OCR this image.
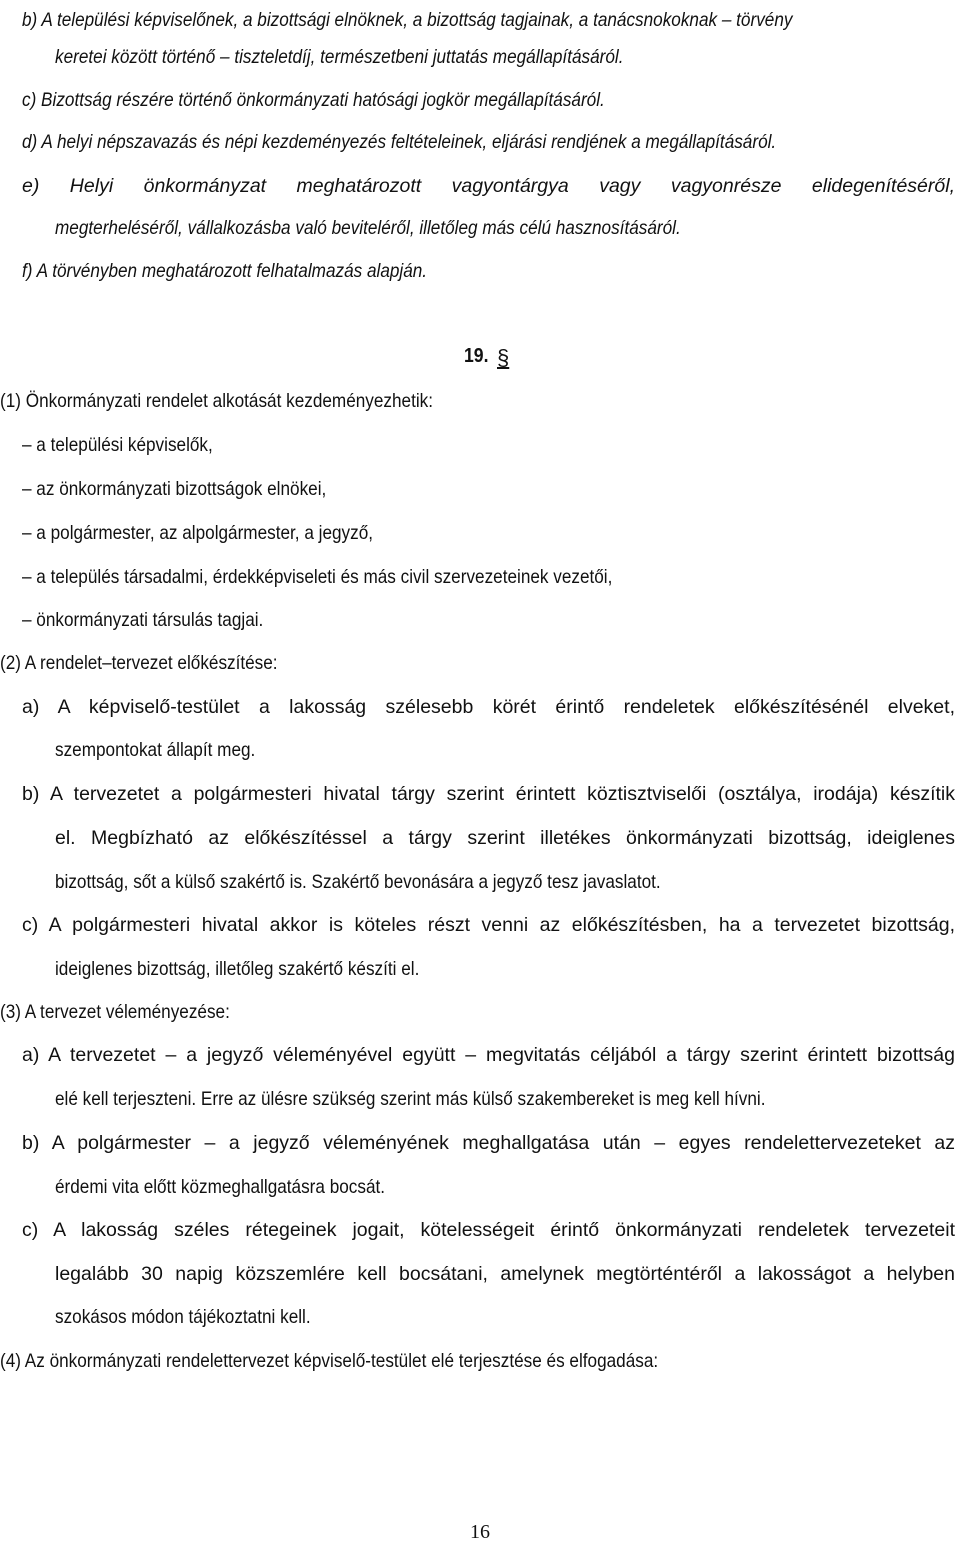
b) A települési képviselőnek, a bizottsági elnöknek, a bizottság tagjainak, a tanácsnokoknak – törvény
keretei között történő – tiszteletdíj, természetbeni juttatás megállapításáról.
c) Bizottság részére történő önkormányzati hatósági jogkör megállapításáról.
d) A helyi népszavazás és népi kezdeményezés feltételeinek, eljárási rendjének a megállapításáról.
e) Helyi önkormányzat meghatározott vagyontárgya vagy vagyonrésze elidegenítéséről,
megterheléséről, vállalkozásba való beviteléről, illetőleg más célú hasznosításáról.
f) A törvényben meghatározott felhatalmazás alapján.
19. §
(1) Önkormányzati rendelet alkotását kezdeményezhetik:
– a települési képviselők,
– az önkormányzati bizottságok elnökei,
– a polgármester, az alpolgármester, a jegyző,
– a település társadalmi, érdekképviseleti és más civil szervezeteinek vezetői,
– önkormányzati társulás tagjai.
(2) A rendelet–tervezet előkészítése:
a) A képviselő-testület a lakosság szélesebb körét érintő rendeletek előkészítésénél elveket,
szempontokat állapít meg.
b) A tervezetet a polgármesteri hivatal tárgy szerint érintett köztisztviselői (osztálya, irodája) készítik
el. Megbízható az előkészítéssel a tárgy szerint illetékes önkormányzati bizottság, ideiglenes
bizottság, sőt a külső szakértő is. Szakértő bevonására a jegyző tesz javaslatot.
c) A polgármesteri hivatal akkor is köteles részt venni az előkészítésben, ha a tervezetet bizottság,
ideiglenes bizottság, illetőleg szakértő készíti el.
(3) A tervezet véleményezése:
a) A tervezetet – a jegyző véleményével együtt – megvitatás céljából a tárgy szerint érintett bizottság
elé kell terjeszteni. Erre az ülésre szükség szerint más külső szakembereket is meg kell hívni.
b) A polgármester – a jegyző véleményének meghallgatása után – egyes rendelettervezeteket az
érdemi vita előtt közmeghallgatásra bocsát.
c) A lakosság széles rétegeinek jogait, kötelességeit érintő önkormányzati rendeletek tervezeteit
legalább 30 napig közszemlére kell bocsátani, amelynek megtörténtéről a lakosságot a helyben
szokásos módon tájékoztatni kell.
(4) Az önkormányzati rendelettervezet képviselő-testület elé terjesztése és elfogadása:
16
